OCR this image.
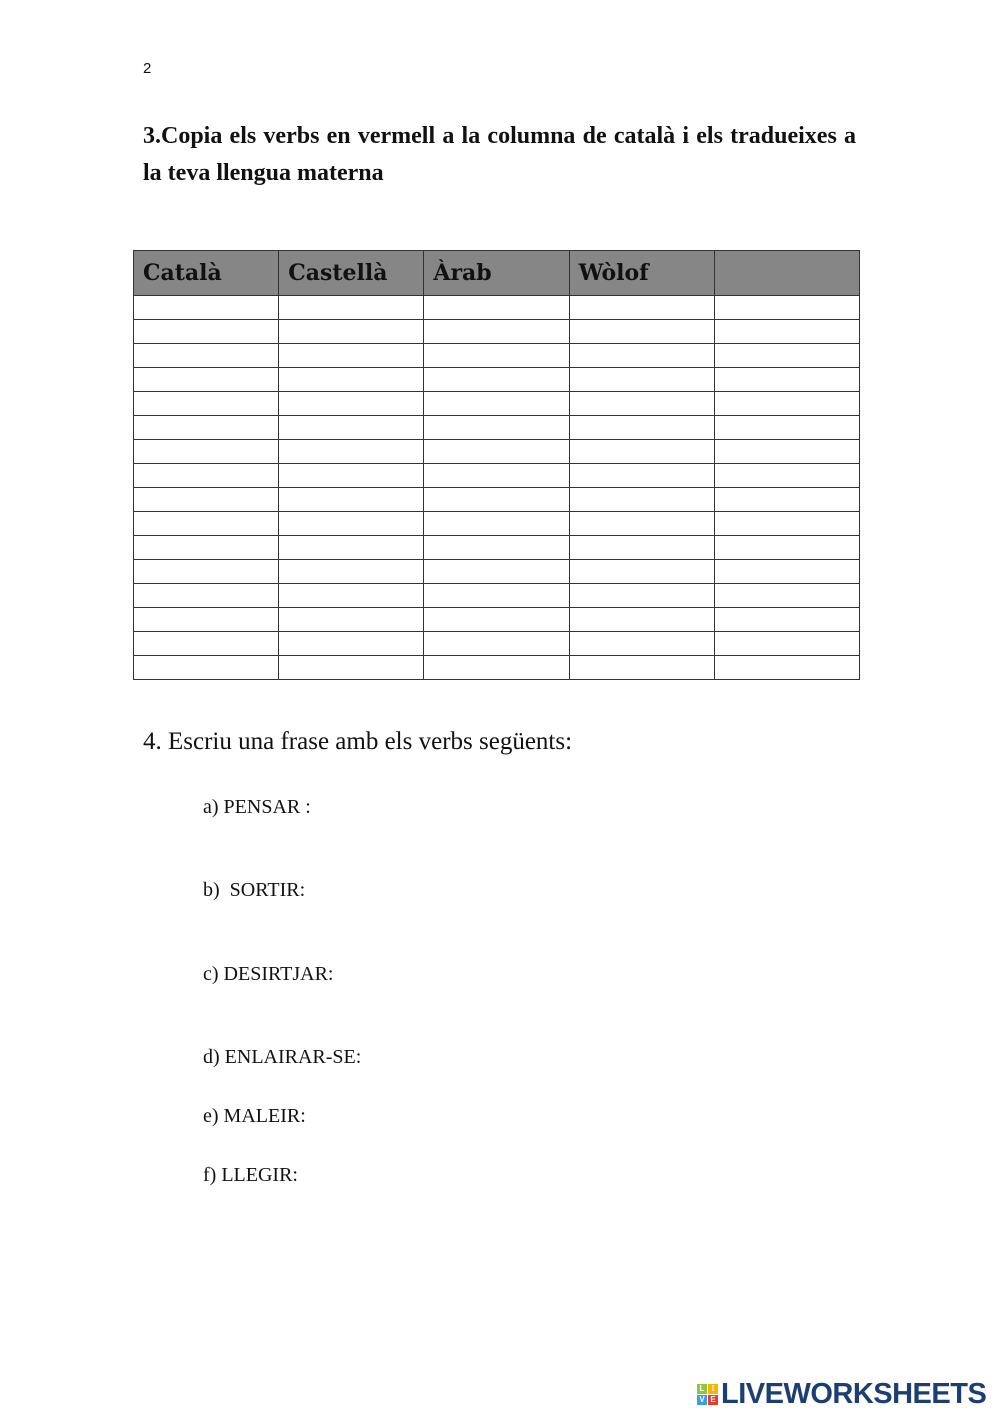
2
3.Copia els verbs en vermell a la columna de català i els tradueixes a la teva llengua materna
Català	Castellà	Àrab	Wòlof	

4. Escriu una frase amb els verbs següents:
a) PENSAR :
b)  SORTIR:
c) DESIRTJAR:
d) ENLAIRAR-SE:
e) MALEIR:
f) LLEGIR:
L I
V E LIVEWORKSHEETS
